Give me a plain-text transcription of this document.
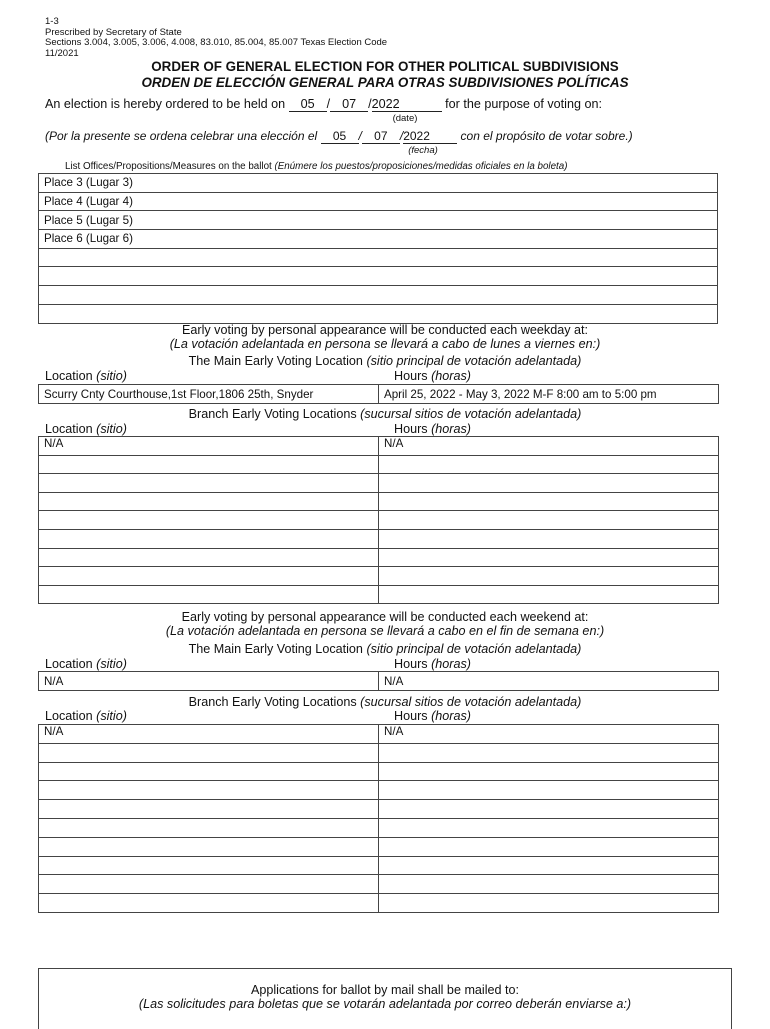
1-3
Prescribed by Secretary of State
Sections 3.004, 3.005, 3.006, 4.008, 83.010, 85.004, 85.007 Texas Election Code
11/2021
ORDER OF GENERAL ELECTION FOR OTHER POLITICAL SUBDIVISIONS
ORDEN DE ELECCIÓN GENERAL PARA OTRAS SUBDIVISIONES POLÍTICAS
An election is hereby ordered to be held on 05 / 07 /2022	for the purpose of voting on:
(date)
(Por la presente se ordena celebrar una elección el 05 / 07 /2022	con el propósito de votar sobre.)
(fecha)
List Offices/Propositions/Measures on the ballot (Enúmere los puestos/proposiciones/medidas oficiales en la boleta)
Place 3 (Lugar 3)
Place 4 (Lugar 4)
Place 5 (Lugar 5)
Place 6 (Lugar 6)

Early voting by personal appearance will be conducted each weekday at:
(La votación adelantada en persona se llevará a cabo de lunes a viernes en:)
The Main Early Voting Location (sitio principal de votación adelantada)
Location (sitio)	Hours (horas)
Scurry Cnty Courthouse,1st Floor,1806 25th, Snyder	April 25, 2022 - May 3, 2022 M-F 8:00 am to 5:00 pm
Branch Early Voting Locations (sucursal sitios de votación adelantada)
Location (sitio)	Hours (horas)
N/A	N/A

Early voting by personal appearance will be conducted each weekend at:
(La votación adelantada en persona se llevará a cabo en el fin de semana en:)
The Main Early Voting Location (sitio principal de votación adelantada)
Location (sitio)	Hours (horas)
N/A	N/A
Branch Early Voting Locations (sucursal sitios de votación adelantada)
Location (sitio)	Hours (horas)
N/A	N/A

Applications for ballot by mail shall be mailed to:
(Las solicitudes para boletas que se votarán adelantada por correo deberán enviarse a:)
